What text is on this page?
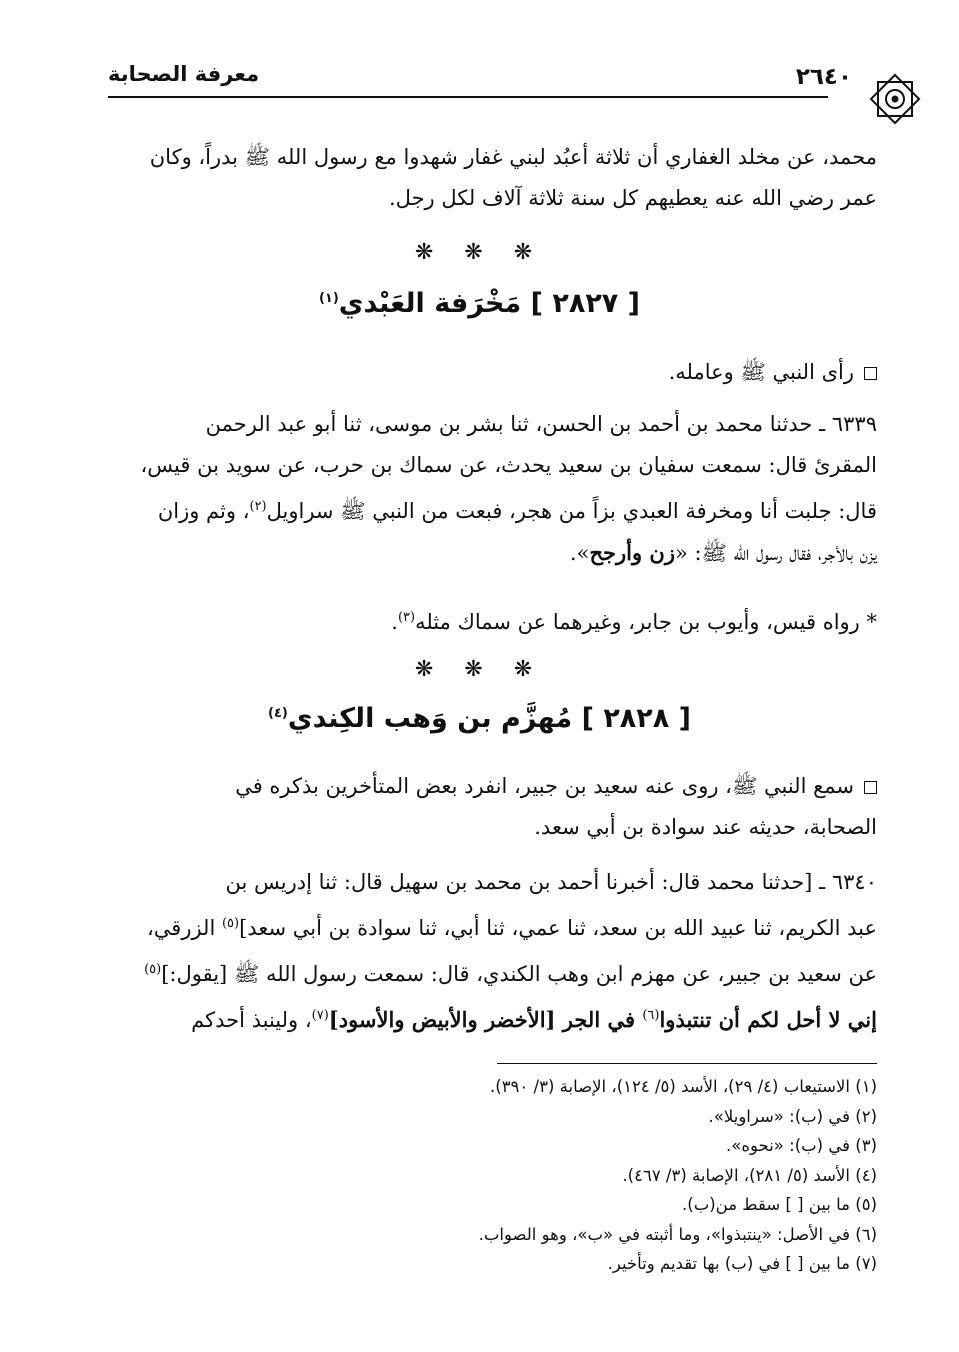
٢٦٤٠
معرفة الصحابة
محمد، عن مخلد الغفاري أن ثلاثة أعبُد لبني غفار شهدوا مع رسول الله ﷺ بدراً، وكان
عمر رضي الله عنه يعطيهم كل سنة ثلاثة آلاف لكل رجل.
❋ ❋ ❋
[ ٢٨٢٧ ] مَخْرَفة العَبْدي$^{(١)}$
رأى النبي ﷺ وعامله.
٦٣٣٩ ـ حدثنا محمد بن أحمد بن الحسن، ثنا بشر بن موسى، ثنا أبو عبد الرحمن
المقرئ قال: سمعت سفيان بن سعيد يحدث، عن سماك بن حرب، عن سويد بن قيس،
قال: جلبت أنا ومخرفة العبدي بزاً من هجر، فبعت من النبي ﷺ سراويل$^{(٢)}$، وثم وزان
يزن بالأجر، فقال رسول الله ﷺ: «زن وأرجح».
* رواه قيس، وأيوب بن جابر، وغيرهما عن سماك مثله$^{(٣)}$.
❋ ❋ ❋
[ ٢٨٢٨ ] مُهزَّم بن وَهب الكِندي$^{(٤)}$
سمع النبي ﷺ، روى عنه سعيد بن جبير، انفرد بعض المتأخرين بذكره في
الصحابة، حديثه عند سوادة بن أبي سعد.
٦٣٤٠ ـ [حدثنا محمد قال: أخبرنا أحمد بن محمد بن سهيل قال: ثنا إدريس بن
عبد الكريم، ثنا عبيد الله بن سعد، ثنا عمي، ثنا أبي، ثنا سوادة بن أبي سعد]$^{(٥)}$ الزرقي،
عن سعيد بن جبير، عن مهزم ابن وهب الكندي، قال: سمعت رسول الله ﷺ [يقول:]$^{(٥)}$
إني لا أحل لكم أن تنتبذوا$^{(٦)}$ في الجر [الأخضر والأبيض والأسود]$^{(٧)}$، ولينبذ أحدكم
(١) الاستيعاب (٤/ ٢٩)، الأسد (٥/ ١٢٤)، الإصابة (٣/ ٣٩٠).
(٢) في (ب): «سراويلا».
(٣) في (ب): «نحوه».
(٤) الأسد (٥/ ٢٨١)، الإصابة (٣/ ٤٦٧).
(٥) ما بين [ ] سقط من(ب).
(٦) في الأصل: «ينتبذوا»، وما أثبته في «ب»، وهو الصواب.
(٧) ما بين [ ] في (ب) بها تقديم وتأخير.
